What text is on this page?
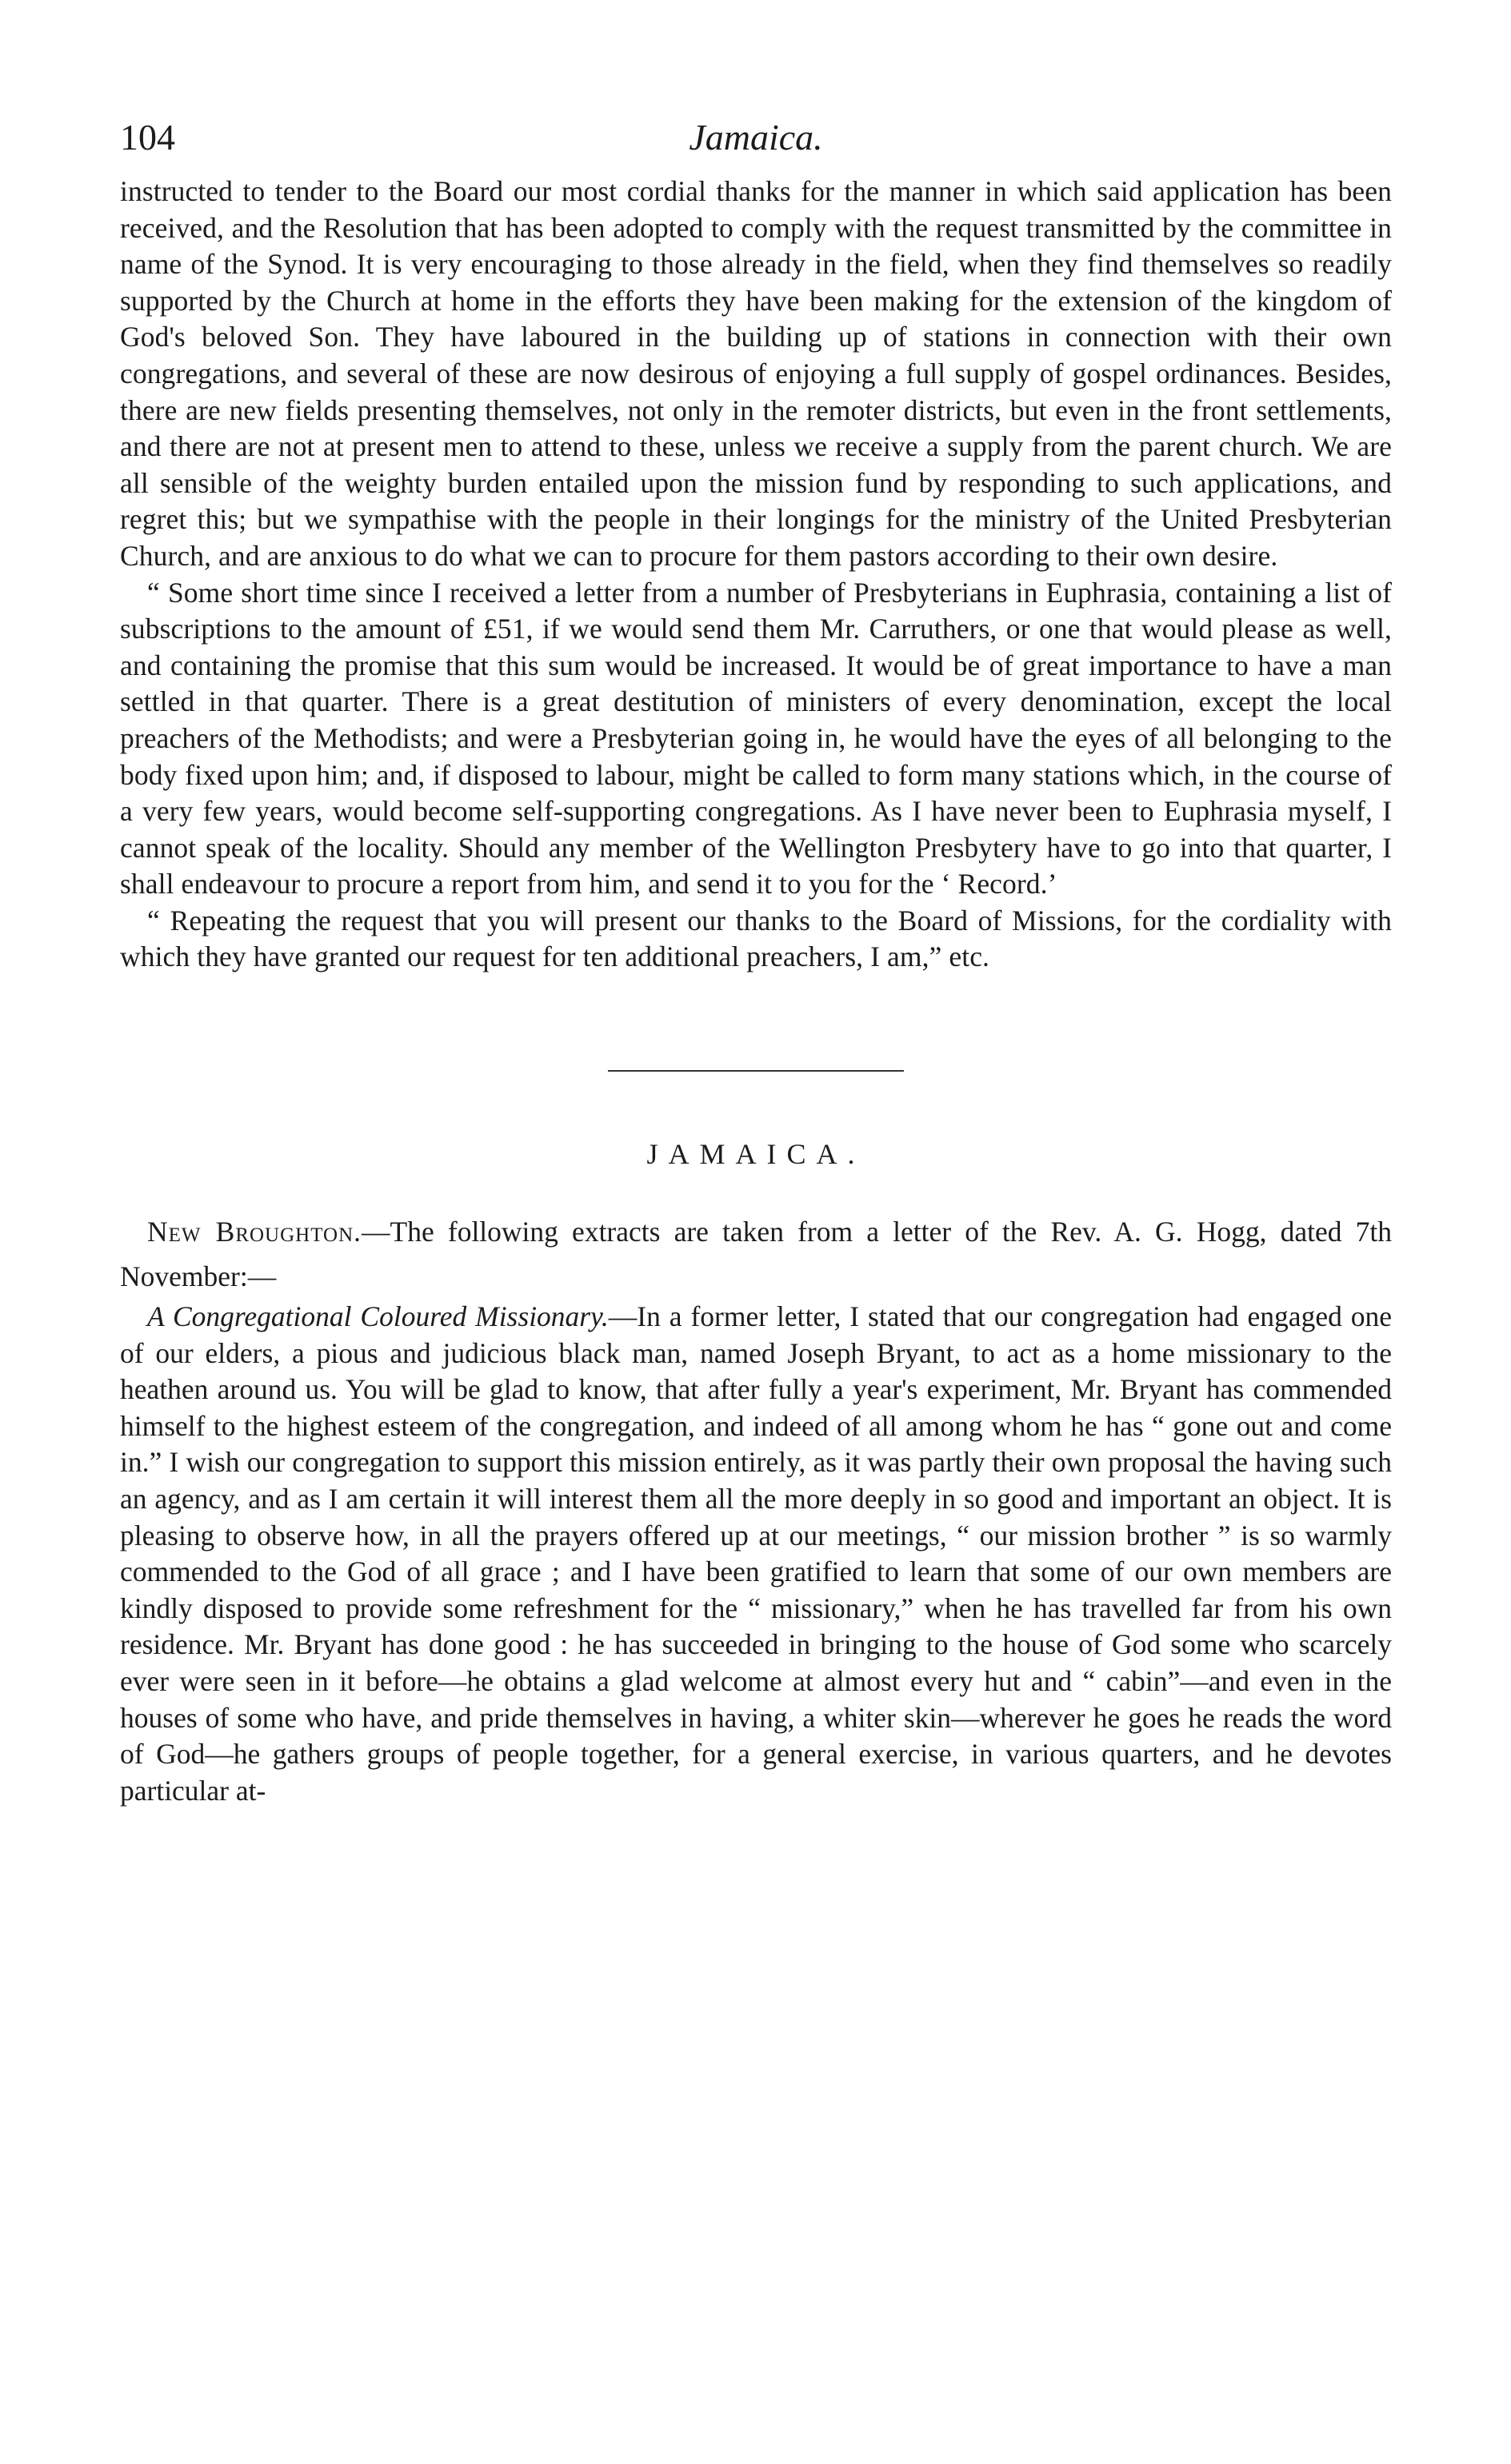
104	Jamaica.

instructed to tender to the Board our most cordial thanks for the manner in which said application has been received, and the Resolution that has been adopted to comply with the request transmitted by the committee in name of the Synod. It is very encouraging to those already in the field, when they find themselves so readily supported by the Church at home in the efforts they have been making for the extension of the kingdom of God's beloved Son. They have laboured in the building up of stations in connection with their own congregations, and several of these are now desirous of enjoying a full supply of gospel ordinances. Besides, there are new fields presenting themselves, not only in the remoter districts, but even in the front settlements, and there are not at present men to attend to these, unless we receive a supply from the parent church. We are all sensible of the weighty burden entailed upon the mission fund by responding to such applications, and regret this; but we sympathise with the people in their longings for the ministry of the United Presbyterian Church, and are anxious to do what we can to procure for them pastors according to their own desire.

“ Some short time since I received a letter from a number of Presbyterians in Euphrasia, containing a list of subscriptions to the amount of £51, if we would send them Mr. Carruthers, or one that would please as well, and containing the promise that this sum would be increased. It would be of great importance to have a man settled in that quarter. There is a great destitution of ministers of every denomination, except the local preachers of the Methodists; and were a Presbyterian going in, he would have the eyes of all belonging to the body fixed upon him; and, if disposed to labour, might be called to form many stations which, in the course of a very few years, would become self-supporting congregations. As I have never been to Euphrasia myself, I cannot speak of the locality. Should any member of the Wellington Presbytery have to go into that quarter, I shall endeavour to procure a report from him, and send it to you for the ‘ Record.’

“ Repeating the request that you will present our thanks to the Board of Missions, for the cordiality with which they have granted our request for ten additional preachers, I am,” etc.

JAMAICA.

New Broughton.—The following extracts are taken from a letter of the Rev. A. G. Hogg, dated 7th November:—

A Congregational Coloured Missionary.—In a former letter, I stated that our congregation had engaged one of our elders, a pious and judicious black man, named Joseph Bryant, to act as a home missionary to the heathen around us. You will be glad to know, that after fully a year's experiment, Mr. Bryant has commended himself to the highest esteem of the congregation, and indeed of all among whom he has “ gone out and come in.” I wish our congregation to support this mission entirely, as it was partly their own proposal the having such an agency, and as I am certain it will interest them all the more deeply in so good and important an object. It is pleasing to observe how, in all the prayers offered up at our meetings, “ our mission brother ” is so warmly commended to the God of all grace ; and I have been gratified to learn that some of our own members are kindly disposed to provide some refreshment for the “ missionary,” when he has travelled far from his own residence. Mr. Bryant has done good : he has succeeded in bringing to the house of God some who scarcely ever were seen in it before—he obtains a glad welcome at almost every hut and “ cabin”—and even in the houses of some who have, and pride themselves in having, a whiter skin—wherever he goes he reads the word of God—he gathers groups of people together, for a general exercise, in various quarters, and he devotes particular at-
